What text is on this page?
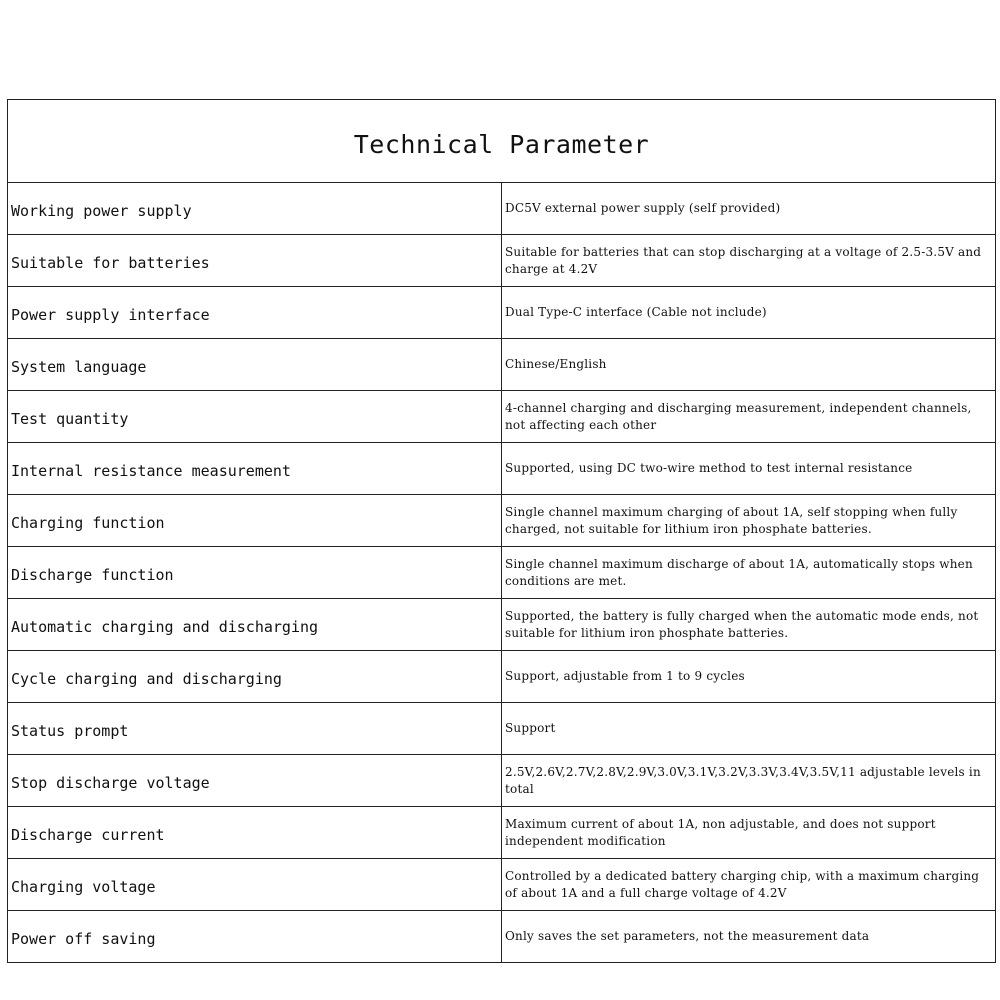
Technical Parameter	
Working power supply	DC5V external power supply (self provided)
Suitable for batteries	Suitable for batteries that can stop discharging at a voltage of 2.5-3.5V and charge at 4.2V
Power supply interface	Dual Type-C interface (Cable not include)
System language	Chinese/English
Test quantity	4-channel charging and discharging measurement, independent channels, not affecting each other
Internal resistance measurement	Supported, using DC two-wire method to test internal resistance
Charging function	Single channel maximum charging of about 1A, self stopping when fully charged, not suitable for lithium iron phosphate batteries.
Discharge function	Single channel maximum discharge of about 1A, automatically stops when conditions are met.
Automatic charging and discharging	Supported, the battery is fully charged when the automatic mode ends, not suitable for lithium iron phosphate batteries.
Cycle charging and discharging	Support, adjustable from 1 to 9 cycles
Status prompt	Support
Stop discharge voltage	2.5V,2.6V,2.7V,2.8V,2.9V,3.0V,3.1V,3.2V,3.3V,3.4V,3.5V,11 adjustable levels in total
Discharge current	Maximum current of about 1A, non adjustable, and does not support independent modification
Charging voltage	Controlled by a dedicated battery charging chip, with a maximum charging of about 1A and a full charge voltage of 4.2V
Power off saving	Only saves the set parameters, not the measurement data
